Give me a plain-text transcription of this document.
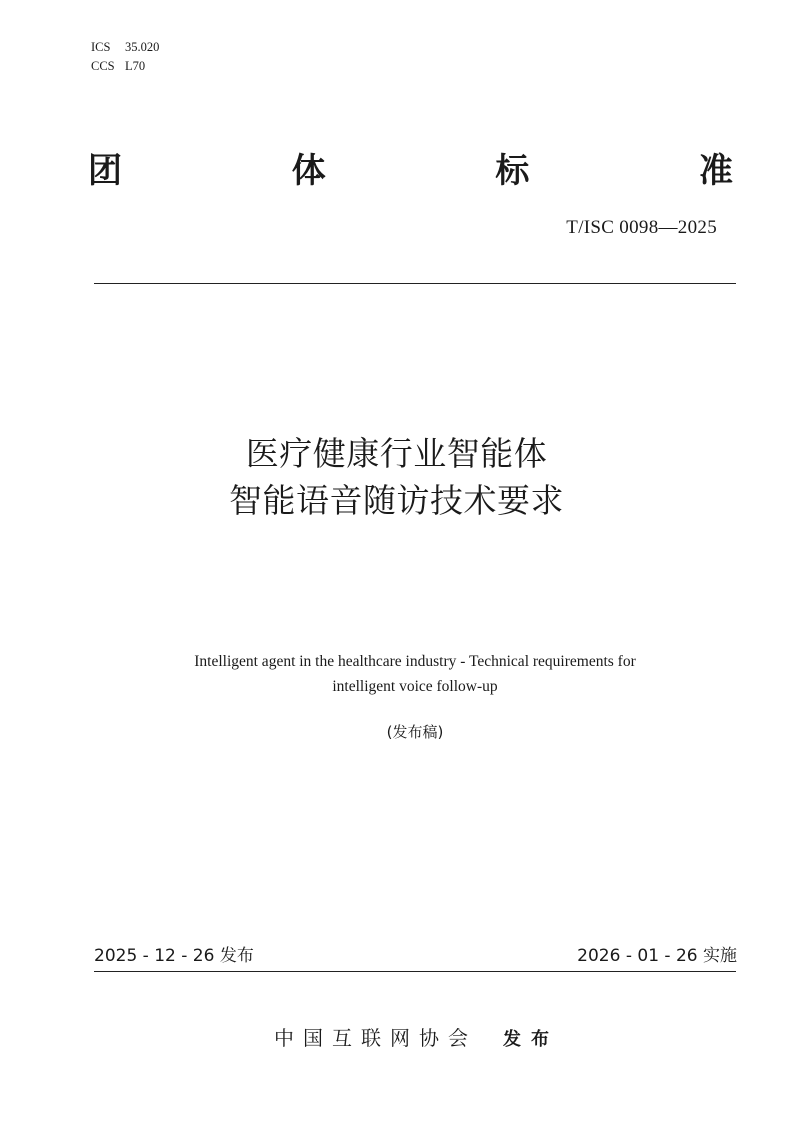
ICS	35.020
CCS L70
团	体	标	准
T/ISC 0098—2025
医疗健康行业智能体
智能语音随访技术要求
Intelligent agent in the healthcare industry - Technical requirements for
intelligent voice follow-up
(发布稿)
2025 - 12 - 26 发布	2026 - 01 - 26 实施
中国互联网协会 发布
